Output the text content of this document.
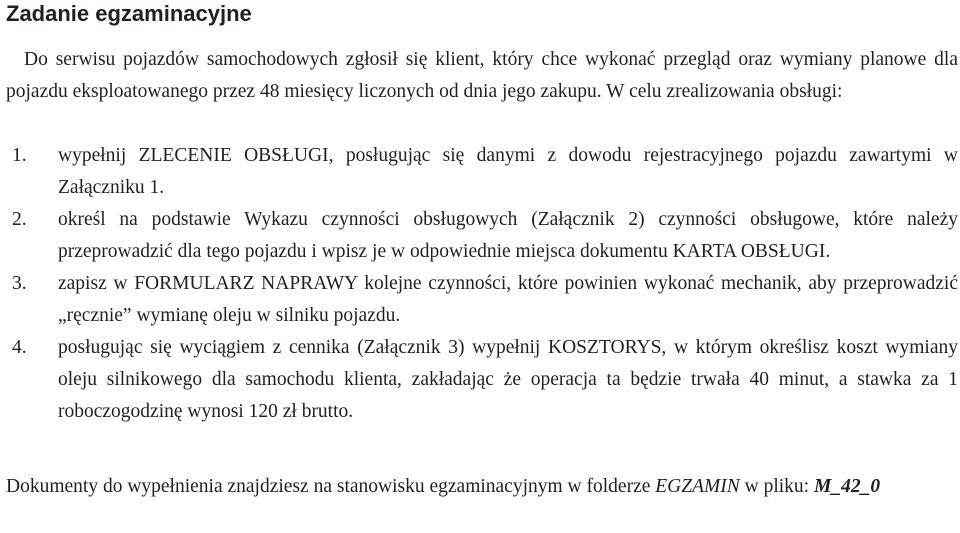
Zadanie egzaminacyjne

Do serwisu pojazdów samochodowych zgłosił się klient, który chce wykonać przegląd oraz wymiany planowe dla pojazdu eksploatowanego przez 48 miesięcy liczonych od dnia jego zakupu. W celu zrealizowania obsługi:

1. wypełnij ZLECENIE OBSŁUGI, posługując się danymi z dowodu rejestracyjnego pojazdu zawartymi w Załączniku 1.
2. określ na podstawie Wykazu czynności obsługowych (Załącznik 2) czynności obsługowe, które należy przeprowadzić dla tego pojazdu i wpisz je w odpowiednie miejsca dokumentu KARTA OBSŁUGI.
3. zapisz w FORMULARZ NAPRAWY kolejne czynności, które powinien wykonać mechanik, aby przeprowadzić „ręcznie” wymianę oleju w silniku pojazdu.
4. posługując się wyciągiem z cennika (Załącznik 3) wypełnij KOSZTORYS, w którym określisz koszt wymiany oleju silnikowego dla samochodu klienta, zakładając że operacja ta będzie trwała 40 minut, a stawka za 1 roboczogodzinę wynosi 120 zł brutto.

Dokumenty do wypełnienia znajdziesz na stanowisku egzaminacyjnym w folderze EGZAMIN w pliku: M_42_0
